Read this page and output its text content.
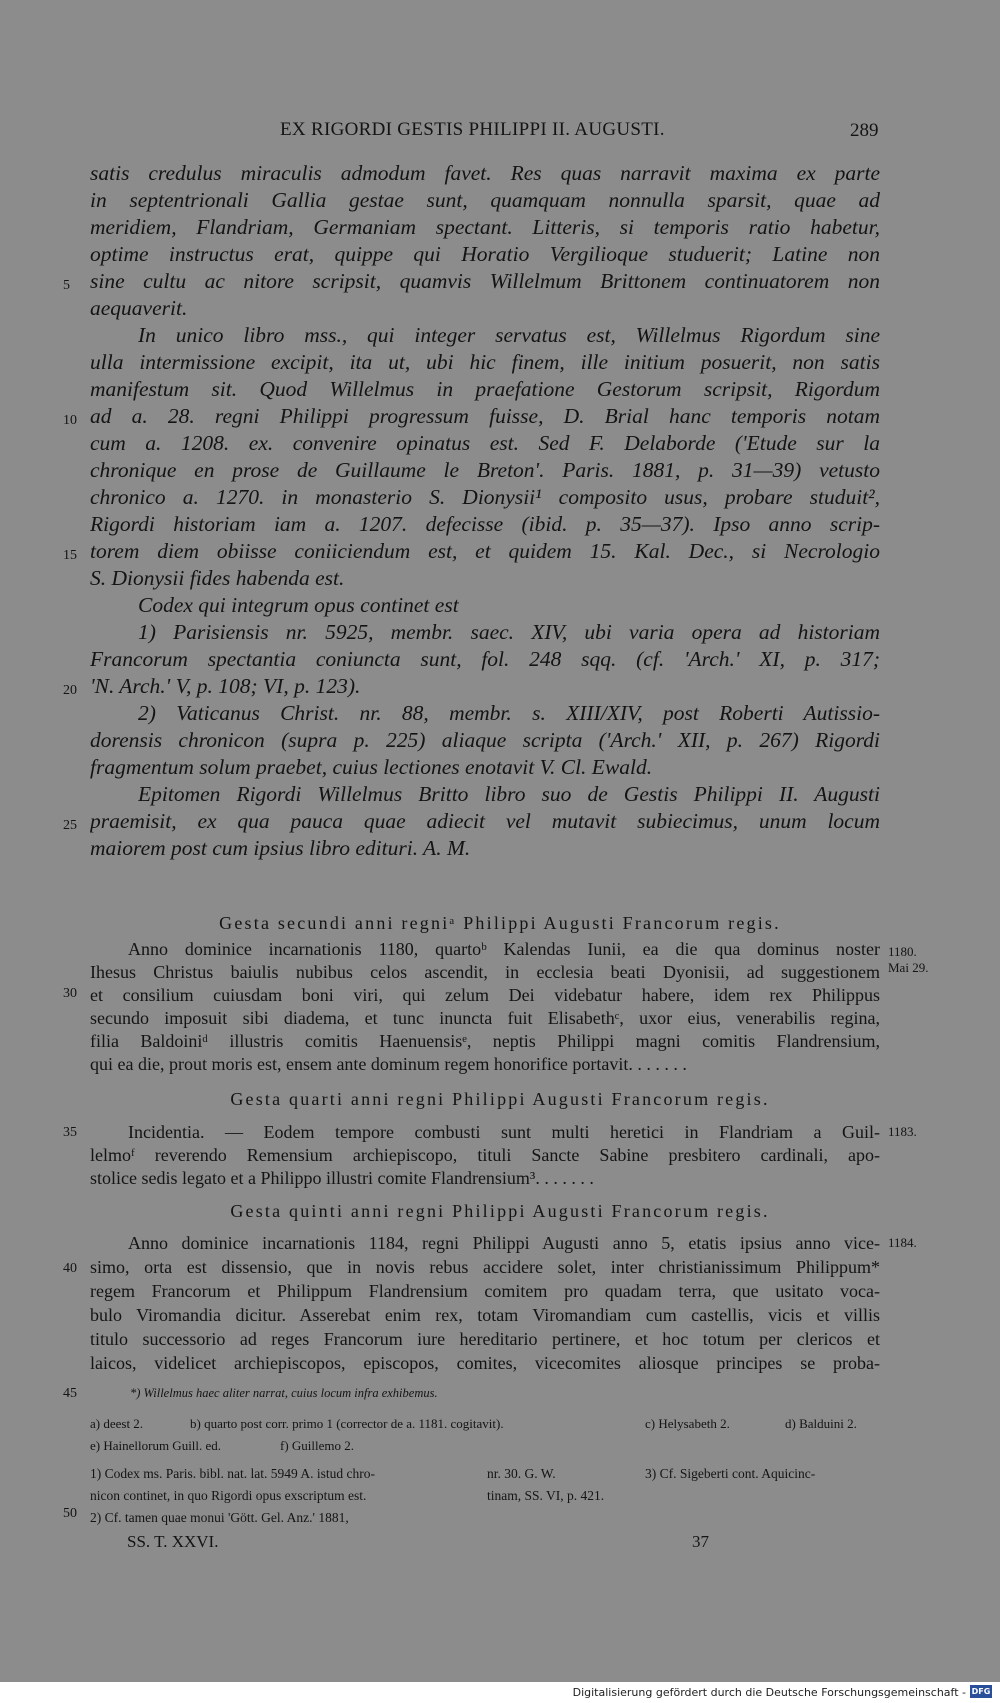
EX RIGORDI GESTIS PHILIPPI II. AUGUSTI.	289
satis credulus miraculis admodum favet. Res quas narravit maxima ex parte
in septentrionali Gallia gestae sunt, quamquam nonnulla sparsit, quae ad
meridiem, Flandriam, Germaniam spectant. Litteris, si temporis ratio habetur,
optime instructus erat, quippe qui Horatio Vergilioque studuerit; Latine non
sine cultu ac nitore scripsit, quamvis Willelmum Brittonem continuatorem non
aequaverit.
In unico libro mss., qui integer servatus est, Willelmus Rigordum sine
ulla intermissione excipit, ita ut, ubi hic finem, ille initium posuerit, non satis
manifestum sit. Quod Willelmus in praefatione Gestorum scripsit, Rigordum
ad a. 28. regni Philippi progressum fuisse, D. Brial hanc temporis notam
cum a. 1208. ex. convenire opinatus est. Sed F. Delaborde ('Etude sur la
chronique en prose de Guillaume le Breton'. Paris. 1881, p. 31—39) vetusto
chronico a. 1270. in monasterio S. Dionysii¹ composito usus, probare studuit²,
Rigordi historiam iam a. 1207. defecisse (ibid. p. 35—37). Ipso anno scrip-
torem diem obiisse coniiciendum est, et quidem 15. Kal. Dec., si Necrologio
S. Dionysii fides habenda est.
Codex qui integrum opus continet est
1) Parisiensis nr. 5925, membr. saec. XIV, ubi varia opera ad historiam
Francorum spectantia coniuncta sunt, fol. 248 sqq. (cf. 'Arch.' XI, p. 317;
'N. Arch.' V, p. 108; VI, p. 123).
2) Vaticanus Christ. nr. 88, membr. s. XIII/XIV, post Roberti Autissio-
dorensis chronicon (supra p. 225) aliaque scripta ('Arch.' XII, p. 267) Rigordi
fragmentum solum praebet, cuius lectiones enotavit V. Cl. Ewald.
Epitomen Rigordi Willelmus Britto libro suo de Gestis Philippi II. Augusti
praemisit, ex qua pauca quae adiecit vel mutavit subiecimus, unum locum
maiorem post cum ipsius libro edituri. A. M.
5
10
15
20
25
30
35
40
45
50
Gesta secundi anni regniᵃ Philippi Augusti Francorum regis.
Anno dominice incarnationis 1180, quartoᵇ Kalendas Iunii, ea die qua dominus noster
Ihesus Christus baiulis nubibus celos ascendit, in ecclesia beati Dyonisii, ad suggestionem
et consilium cuiusdam boni viri, qui zelum Dei videbatur habere, idem rex Philippus
secundo imposuit sibi diadema, et tunc inuncta fuit Elisabethᶜ, uxor eius, venerabilis regina,
filia Baldoiniᵈ illustris comitis Haenuensisᵉ, neptis Philippi magni comitis Flandrensium,
qui ea die, prout moris est, ensem ante dominum regem honorifice portavit. . . . . . .
Gesta quarti anni regni Philippi Augusti Francorum regis.
Incidentia. — Eodem tempore combusti sunt multi heretici in Flandriam a Guil-
lelmoᶠ reverendo Remensium archiepiscopo, tituli Sancte Sabine presbitero cardinali, apo-
stolice sedis legato et a Philippo illustri comite Flandrensium³. . . . . . .
Gesta quinti anni regni Philippi Augusti Francorum regis.
Anno dominice incarnationis 1184, regni Philippi Augusti anno 5, etatis ipsius anno vice-
simo, orta est dissensio, que in novis rebus accidere solet, inter christianissimum Philippum*
regem Francorum et Philippum Flandrensium comitem pro quadam terra, que usitato voca-
bulo Viromandia dicitur. Asserebat enim rex, totam Viromandiam cum castellis, vicis et villis
titulo successorio ad reges Francorum iure hereditario pertinere, et hoc totum per clericos et
laicos, videlicet archiepiscopos, episcopos, comites, vicecomites aliosque principes se proba-
1180.
Mai 29.
1183.
1184.
*) Willelmus haec aliter narrat, cuius locum infra exhibemus.
a) deest 2.	b) quarto post corr. primo 1 (corrector de a. 1181. cogitavit).	c) Helysabeth 2.	d) Balduini 2.
e) Hainellorum Guill. ed.	f) Guillemo 2.
1) Codex ms. Paris. bibl. nat. lat. 5949 A. istud chro-
nicon continet, in quo Rigordi opus exscriptum est.
2) Cf. tamen quae monui 'Gött. Gel. Anz.' 1881,
nr. 30. G. W.
tinam, SS. VI, p. 421.
3) Cf. Sigeberti cont. Aquicinc-
SS. T. XXVI.	37
Digitalisierung gefördert durch die Deutsche Forschungsgemeinschaft - DFG
